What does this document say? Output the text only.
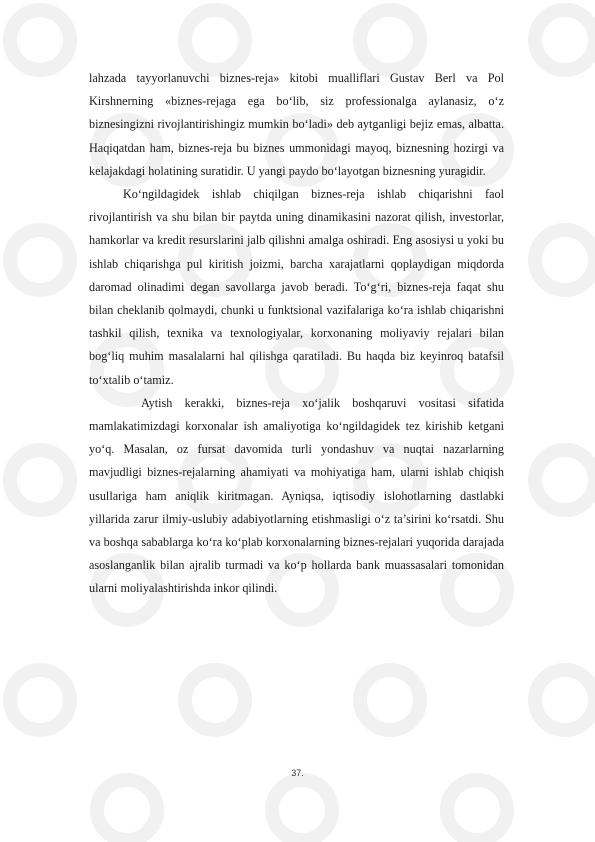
lahzada tayyorlanuvchi biznes-reja» kitobi mualliflari Gustav Berl va Pol Kirshnerning «biznes-rejaga ega bo‘lib, siz professionalga aylanasiz, o‘z biznesingizni rivojlantirishingiz mumkin bo‘ladi» deb aytganligi bejiz emas, albatta. Haqiqatdan ham, biznes-reja bu biznes ummonidagi mayoq, biznesning hozirgi va kelajakdagi holatining suratidir. U yangi paydo bo‘layotgan biznesning yuragidir.

Ko‘ngildagidek ishlab chiqilgan biznes-reja ishlab chiqarishni faol rivojlantirish va shu bilan bir paytda uning dinamikasini nazorat qilish, investorlar, hamkorlar va kredit resurslarini jalb qilishni amalga oshiradi. Eng asosiysi u yoki bu ishlab chiqarishga pul kiritish joizmi, barcha xarajatlarni qoplaydigan miqdorda daromad olinadimi degan savollarga javob beradi. To‘g‘ri, biznes-reja faqat shu bilan cheklanib qolmaydi, chunki u funktsional vazifalariga ko‘ra ishlab chiqarishni tashkil qilish, texnika va texnologiyalar, korxonaning moliyaviy rejalari bilan bog‘liq muhim masalalarni hal qilishga qaratiladi. Bu haqda biz keyinroq batafsil to‘xtalib o‘tamiz.

Aytish kerakki, biznes-reja xo‘jalik boshqaruvi vositasi sifatida mamlakatimizdagi korxonalar ish amaliyotiga ko‘ngildagidek tez kirishib ketgani yo‘q. Masalan, oz fursat davomida turli yondashuv va nuqtai nazarlarning mavjudligi biznes-rejalarning ahamiyati va mohiyatiga ham, ularni ishlab chiqish usullariga ham aniqlik kiritmagan. Ayniqsa, iqtisodiy islohotlarning dastlabki yillarida zarur ilmiy-uslubiy adabiyotlarning etishmasligi o‘z ta’sirini ko‘rsatdi. Shu va boshqa sabablarga ko‘ra ko‘plab korxonalarning biznes-rejalari yuqorida darajada asoslanganlik bilan ajralib turmadi va ko‘p hollarda bank muassasalari tomonidan ularni moliyalashtirishda inkor qilindi.

37.
